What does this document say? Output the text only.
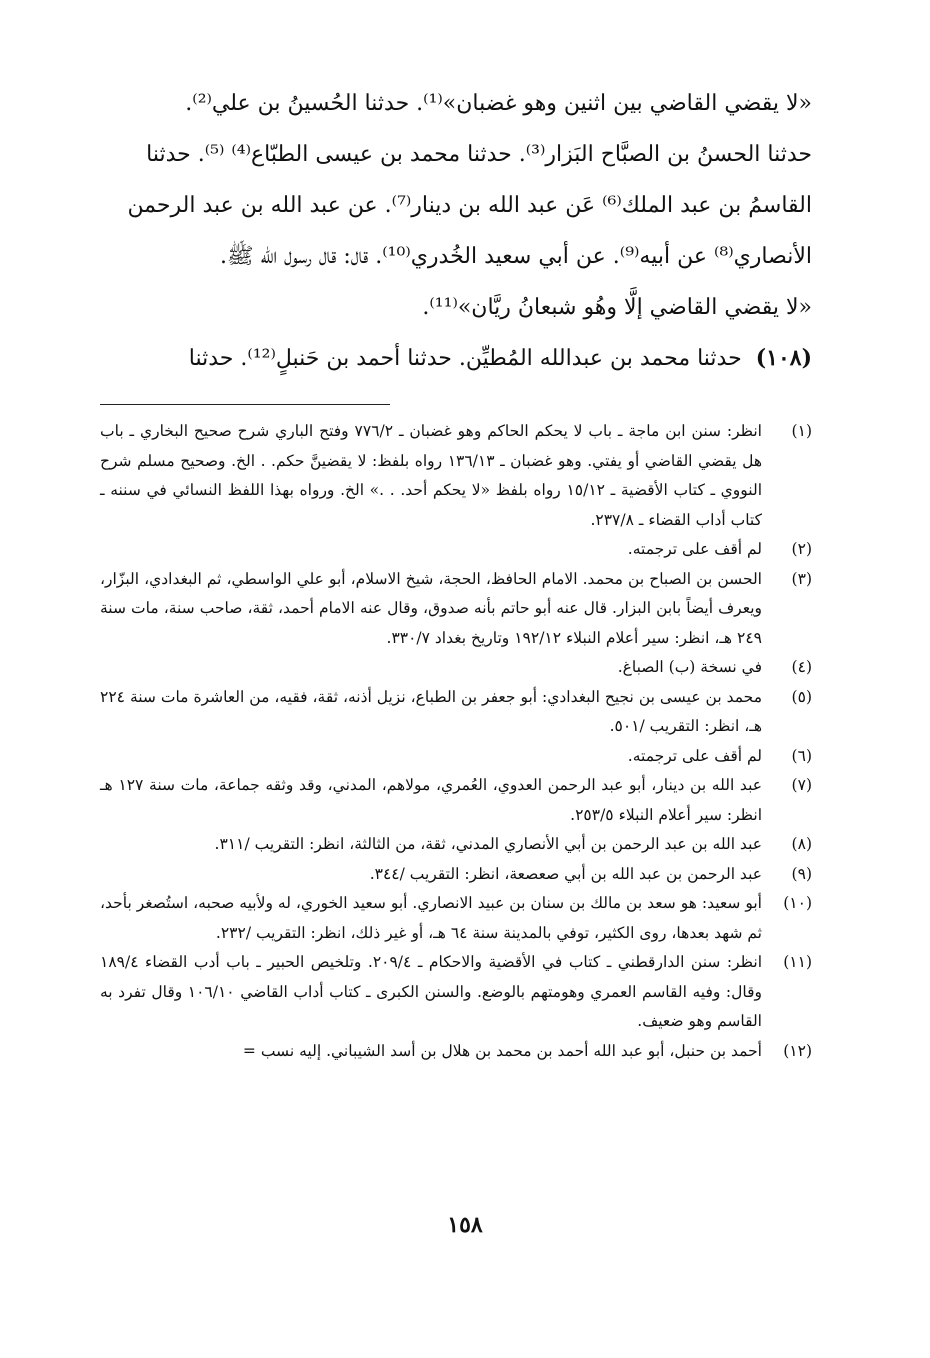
«لا يقضي القاضي بين اثنين وهو غضبان»⁽¹⁾. حدثنا الحُسينُ بن علي⁽²⁾.
حدثنا الحسنُ بن الصبَّاح البَزار⁽³⁾. حدثنا محمد بن عيسى الطبّاع⁽⁴⁾ ⁽⁵⁾. حدثنا
القاسمُ بن عبد الملك⁽⁶⁾ عَن عبد الله بن دينار⁽⁷⁾. عن عبد الله بن عبد الرحمن
الأنصاري⁽⁸⁾ عن أبيه⁽⁹⁾. عن أبي سعيد الخُدري⁽¹⁰⁾. قال: قال رسول الله ﷺ.
«لا يقضي القاضي إلَّا وهُو شبعانُ ريَّان»⁽¹¹⁾.
(١٠٨)حدثنا محمد بن عبدالله المُطيِّن. حدثنا أحمد بن حَنبلٍ⁽¹²⁾. حدثنا
(١)
انظر: سنن ابن ماجة ـ باب لا يحكم الحاكم وهو غضبان ـ ٧٧٦/٢ وفتح الباري شرح صحيح البخاري ـ باب هل يقضي القاضي أو يفتي. وهو غضبان ـ ١٣٦/١٣ رواه بلفظ: لا يقضينَّ حكم. . الخ. وصحيح مسلم شرح النووي ـ كتاب الأقضية ـ ١٥/١٢ رواه بلفظ «لا يحكم أحد. . .» الخ. ورواه بهذا اللفظ النسائي في سننه ـ كتاب أداب القضاء ـ ٢٣٧/٨.
(٢)
لم أقف على ترجمته.
(٣)
الحسن بن الصباح بن محمد. الامام الحافظ، الحجة، شيخ الاسلام، أبو علي الواسطي، ثم البغدادي، البزّار، ويعرف أيضاً بابن البزار. قال عنه أبو حاتم بأنه صدوق، وقال عنه الامام أحمد، ثقة، صاحب سنة، مات سنة ٢٤٩ هـ، انظر: سير أعلام النبلاء ١٩٢/١٢ وتاريخ بغداد ٣٣٠/٧.
(٤)
في نسخة (ب) الصباغ.
(٥)
محمد بن عيسى بن نجيح البغدادي: أبو جعفر بن الطباع، نزيل أذنه، ثقة، فقيه، من العاشرة مات سنة ٢٢٤ هـ، انظر: التقريب /٥٠١.
(٦)
لم أقف على ترجمته.
(٧)
عبد الله بن دينار، أبو عبد الرحمن العدوي، العُمري، مولاهم، المدني، وقد وثقه جماعة، مات سنة ١٢٧ هـ انظر: سير أعلام النبلاء ٢٥٣/٥.
(٨)
عبد الله بن عبد الرحمن بن أبي الأنصاري المدني، ثقة، من الثالثة، انظر: التقريب /٣١١.
(٩)
عبد الرحمن بن عبد الله بن أبي صعصعة، انظر: التقريب /٣٤٤.
(١٠)
أبو سعيد: هو سعد بن مالك بن سنان بن عبيد الانصاري. أبو سعيد الخوري، له ولأبيه صحبه، استُصغر بأحد، ثم شهد بعدها، روى الكثير، توفي بالمدينة سنة ٦٤ هـ، أو غير ذلك، انظر: التقريب /٢٣٢.
(١١)
انظر: سنن الدارقطني ـ كتاب في الأقضية والاحكام ـ ٢٠٩/٤. وتلخيص الحبير ـ باب أدب القضاء ١٨٩/٤ وقال: وفيه القاسم العمري وهومتهم بالوضع. والسنن الكبرى ـ كتاب أداب القاضي ١٠٦/١٠ وقال تفرد به القاسم وهو ضعيف.
(١٢)
أحمد بن حنبل، أبو عبد الله أحمد بن محمد بن هلال بن أسد الشيباني. إليه نسب =
١٥٨
